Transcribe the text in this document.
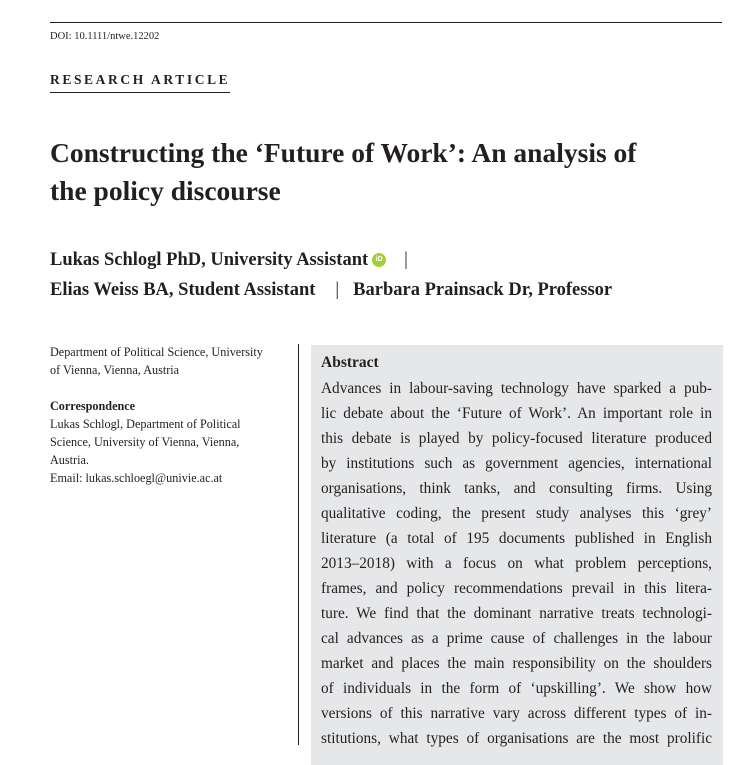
DOI: 10.1111/ntwe.12202
RESEARCH ARTICLE
Constructing the ‘Future of Work’: An analysis of
the policy discourse
Lukas Schlogl PhD, University Assistant	iD |
Elias Weiss BA, Student Assistant | Barbara Prainsack Dr, Professor

Department of Political Science, University

of Vienna, Vienna, Austria

Correspondence

Lukas Schlogl, Department of Political

Science, University of Vienna, Vienna,

Austria.

Email: lukas.schloegl@univie.ac.at

Abstract
Advances in labour-saving technology have sparked a pub-
lic debate about the ‘Future of Work’. An important role in
this debate is played by policy-focused literature produced
by institutions such as government agencies, international
organisations, think tanks, and consulting firms. Using
qualitative coding, the present study analyses this ‘grey’
literature (a total of 195 documents published in English
2013–2018) with a focus on what problem perceptions,
frames, and policy recommendations prevail in this litera-
ture. We find that the dominant narrative treats technologi-
cal advances as a prime cause of challenges in the labour
market and places the main responsibility on the shoulders
of individuals in the form of ‘upskilling’. We show how
versions of this narrative vary across different types of in-
stitutions, what types of organisations are the most prolific
